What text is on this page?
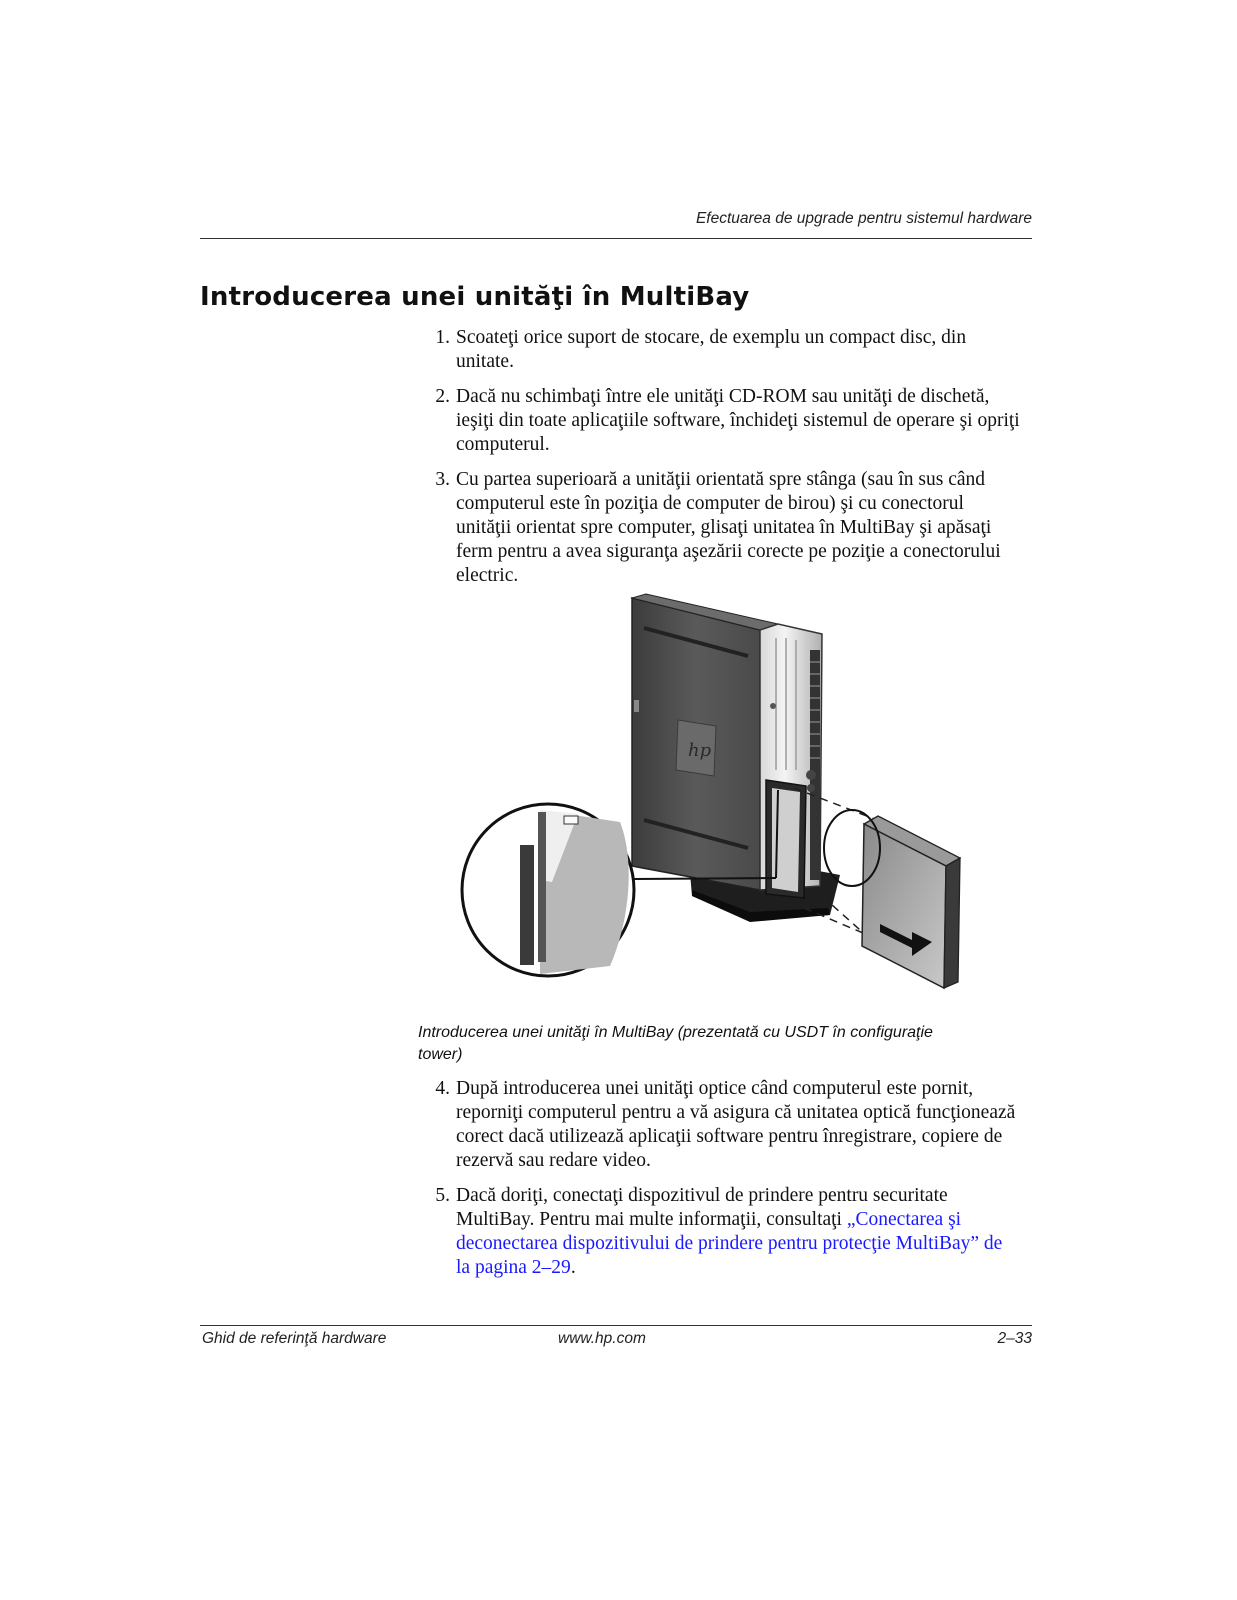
Efectuarea de upgrade pentru sistemul hardware
Introducerea unei unităţi în MultiBay
1. Scoateţi orice suport de stocare, de exemplu un compact disc, din unitate.
2. Dacă nu schimbaţi între ele unităţi CD-ROM sau unităţi de dischetă, ieşiţi din toate aplicaţiile software, închideţi sistemul de operare şi opriţi computerul.
3. Cu partea superioară a unităţii orientată spre stânga (sau în sus când computerul este în poziţia de computer de birou) şi cu conectorul unităţii orientat spre computer, glisaţi unitatea în MultiBay şi apăsaţi ferm pentru a avea siguranţa aşezării corecte pe poziţie a conectorului electric.
hp
Introducerea unei unităţi în MultiBay (prezentată cu USDT în configuraţie tower)
4. După introducerea unei unităţi optice când computerul este pornit, reporniţi computerul pentru a vă asigura că unitatea optică funcţionează corect dacă utilizează aplicaţii software pentru înregistrare, copiere de rezervă sau redare video.
5. Dacă doriţi, conectaţi dispozitivul de prindere pentru securitate MultiBay. Pentru mai multe informaţii, consultaţi „Conectarea şi deconectarea dispozitivului de prindere pentru protecţie MultiBay” de la pagina 2–29.
Ghid de referinţă hardware	www.hp.com	2–33
